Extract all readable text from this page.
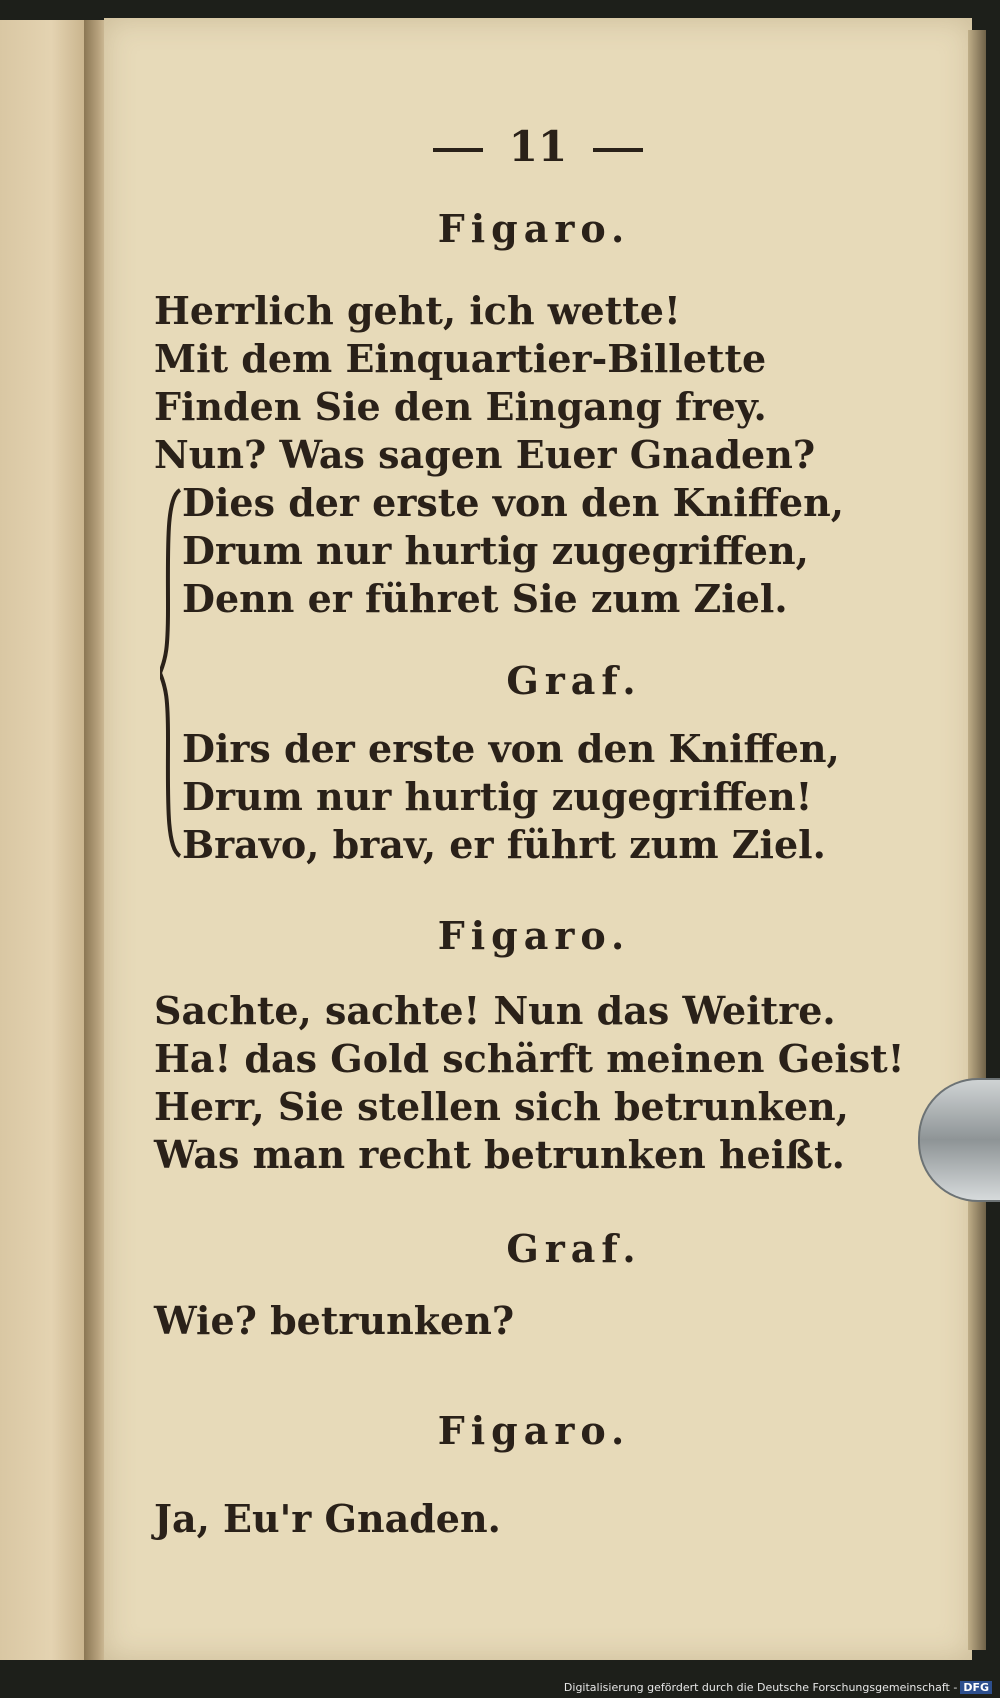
11
Figaro.
Herrlich geht, ich wette!
Mit dem Einquartier-Billette
Finden Sie den Eingang frey.
Nun? Was sagen Euer Gnaden?
Dies der erste von den Kniffen,
Drum nur hurtig zugegriffen,
Denn er führet Sie zum Ziel.
Graf.
Dirs der erste von den Kniffen,
Drum nur hurtig zugegriffen!
Bravo, brav, er führt zum Ziel.
Figaro.
Sachte, sachte! Nun das Weitre.
Ha! das Gold schärft meinen Geist!
Herr, Sie stellen sich betrunken,
Was man recht betrunken heißt.
Graf.
Wie? betrunken?
Figaro.
Ja, Eu'r Gnaden.
Digitalisierung gefördert durch die Deutsche Forschungsgemeinschaft - DFG
